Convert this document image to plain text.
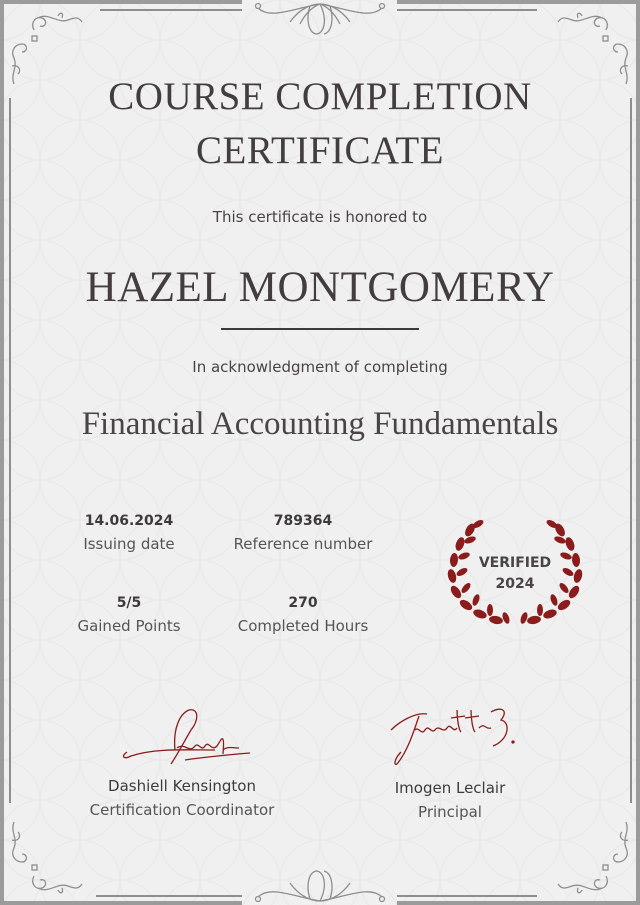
COURSE COMPLETION
CERTIFICATE
This certificate is honored to
HAZEL MONTGOMERY
In acknowledgment of completing
Financial Accounting Fundamentals
14.06.2024
Issuing date
789364
Reference number
5/5
Gained Points
270
Completed Hours
VERIFIED
2024
Dashiell Kensington
Certification Coordinator
Imogen Leclair
Principal
